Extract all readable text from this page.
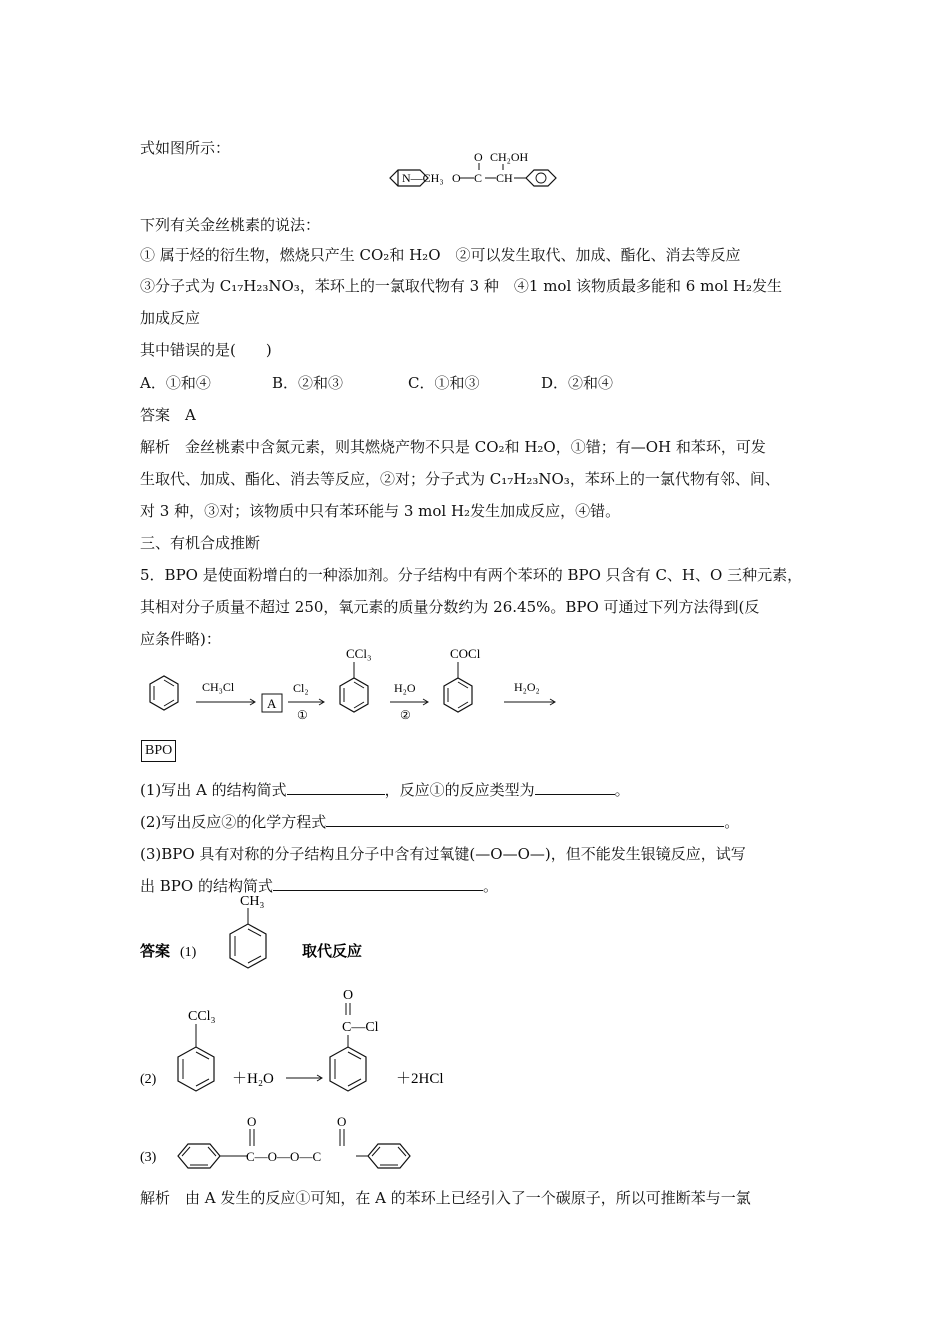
式如图所示：
N—CH₃ O C
O
CH
CH₂OH
下列有关金丝桃素的说法：
① 属于烃的衍生物，燃烧只产生 CO₂和 H₂O　②可以发生取代、加成、酯化、消去等反应
③分子式为 C₁₇H₂₃NO₃，苯环上的一氯取代物有 3 种　④1 mol 该物质最多能和 6 mol H₂发生
加成反应
其中错误的是(　　)
A．①和④	B．②和③	C．①和③	D．②和④
答案　A
解析　金丝桃素中含氮元素，则其燃烧产物不只是 CO₂和 H₂O，①错；有—OH 和苯环，可发
生取代、加成、酯化、消去等反应，②对；分子式为 C₁₇H₂₃NO₃，苯环上的一氯代物有邻、间、
对 3 种，③对；该物质中只有苯环能与 3 mol H₂发生加成反应，④错。
三、有机合成推断
5．BPO 是使面粉增白的一种添加剂。分子结构中有两个苯环的 BPO 只含有 C、H、O 三种元素，
其相对分子质量不超过 250，氧元素的质量分数约为 26.45%。BPO 可通过下列方法得到(反
应条件略)：
CH₃Cl
A
Cl₂
①
CCl₃
H₂O
②
COCl
H₂O₂
BPO
(1)写出 A 的结构简式	，反应①的反应类型为	。
(2)写出反应②的化学方程式	。
(3)BPO 具有对称的分子结构且分子中含有过氧键(—O—O—)，但不能发生银镜反应，试写
出 BPO 的结构简式	。
答案 (1)
CH₃
取代反应
(2)
CCl₃
＋H₂O
O
C—Cl
＋2HCl
(3)
O
C—O—O—C
O
解析　由 A 发生的反应①可知，在 A 的苯环上已经引入了一个碳原子，所以可推断苯与一氯
